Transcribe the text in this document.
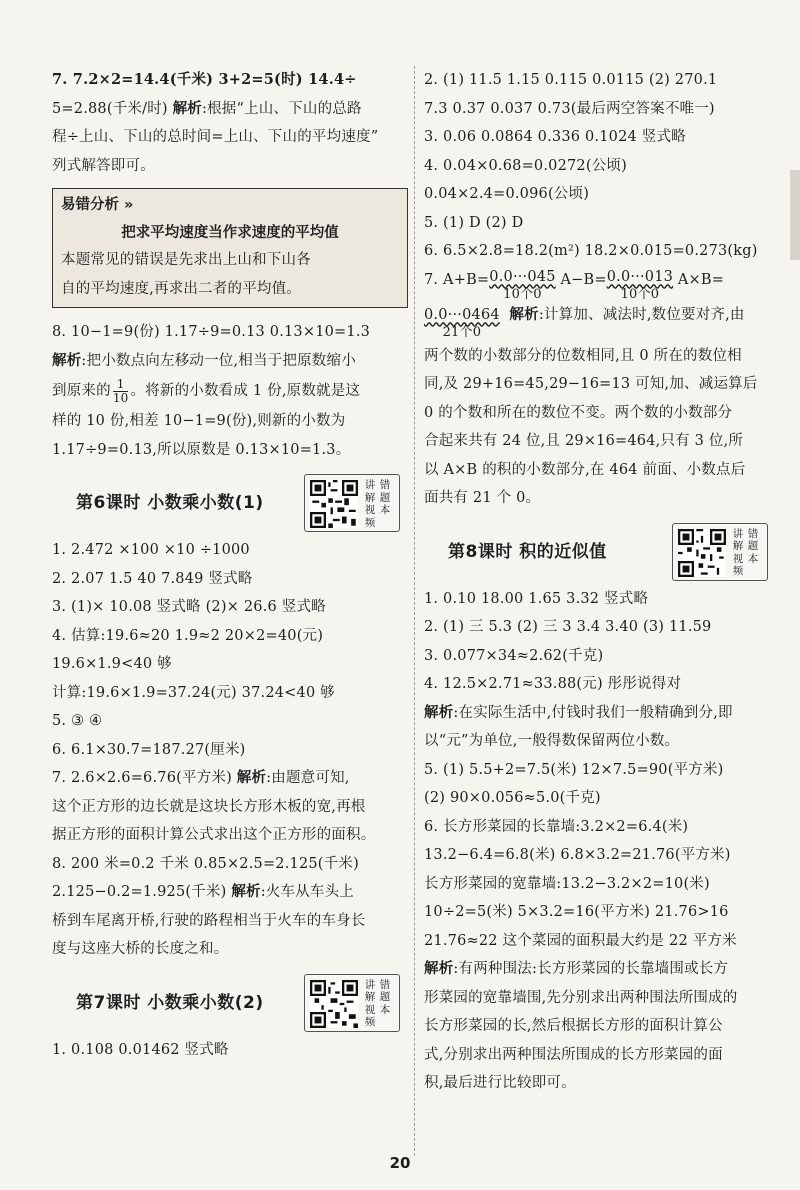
7. 7.2×2=14.4(千米) 3+2=5(时) 14.4÷
5=2.88(千米/时) 解析:根据“上山、下山的总路
程÷上山、下山的总时间=上山、下山的平均速度”
列式解答即可。
易错分析 »
把求平均速度当作求速度的平均值
本题常见的错误是先求出上山和下山各
自的平均速度,再求出二者的平均值。
8. 10−1=9(份) 1.17÷9=0.13 0.13×10=1.3
解析:把小数点向左移动一位,相当于把原数缩小
到原来的 $\frac{1}{10}$ 。将新的小数看成 1 份,原数就是这
样的 10 份,相差 10−1=9(份),则新的小数为
1.17÷9=0.13,所以原数是 0.13×10=1.3。
第6课时 小数乘小数(1)
讲
解
视
频
错
题
本
1. 2.472 ×100 ×10 ÷1000
2. 2.07 1.5 40 7.849 竖式略
3. (1)× 10.08 竖式略 (2)× 26.6 竖式略
4. 估算:19.6≈20 1.9≈2 20×2=40(元)
19.6×1.9<40 够
计算:19.6×1.9=37.24(元) 37.24<40 够
5. ③ ④
6. 6.1×30.7=187.27(厘米)
7. 2.6×2.6=6.76(平方米) 解析:由题意可知,
这个正方形的边长就是这块长方形木板的宽,再根
据正方形的面积计算公式求出这个正方形的面积。
8. 200 米=0.2 千米 0.85×2.5=2.125(千米)
2.125−0.2=1.925(千米) 解析:火车从车头上
桥到车尾离开桥,行驶的路程相当于火车的车身长
度与这座大桥的长度之和。
第7课时 小数乘小数(2)
讲
解
视
频
错
题
本
1. 0.108 0.01462 竖式略
2. (1) 11.5 1.15 0.115 0.0115 (2) 270.1
7.3 0.37 0.037 0.73(最后两空答案不唯一)
3. 0.06 0.0864 0.336 0.1024 竖式略
4. 0.04×0.68=0.0272(公顷)
0.04×2.4=0.096(公顷)
5. (1) D (2) D
6. 6.5×2.8=18.2(m²) 18.2×0.015=0.273(kg)
7. A+B= 0.0···045
10个0
A−B= 0.0···013
10个0
A×B=
0.0···0464
21个0
解析:计算加、减法时,数位要对齐,由
两个数的小数部分的位数相同,且 0 所在的数位相
同,及 29+16=45,29−16=13 可知,加、减运算后
0 的个数和所在的数位不变。两个数的小数部分
合起来共有 24 位,且 29×16=464,只有 3 位,所
以 A×B 的积的小数部分,在 464 前面、小数点后
面共有 21 个 0。
第8课时 积的近似值
讲
解
视
频
错
题
本
1. 0.10 18.00 1.65 3.32 竖式略
2. (1) 三 5.3 (2) 三 3 3.4 3.40 (3) 11.59
3. 0.077×34≈2.62(千克)
4. 12.5×2.71≈33.88(元) 彤彤说得对
解析:在实际生活中,付钱时我们一般精确到分,即
以“元”为单位,一般得数保留两位小数。
5. (1) 5.5+2=7.5(米) 12×7.5=90(平方米)
(2) 90×0.056≈5.0(千克)
6. 长方形菜园的长靠墙:3.2×2=6.4(米)
13.2−6.4=6.8(米) 6.8×3.2=21.76(平方米)
长方形菜园的宽靠墙:13.2−3.2×2=10(米)
10÷2=5(米) 5×3.2=16(平方米) 21.76>16
21.76≈22 这个菜园的面积最大约是 22 平方米
解析:有两种围法:长方形菜园的长靠墙围或长方
形菜园的宽靠墙围,先分别求出两种围法所围成的
长方形菜园的长,然后根据长方形的面积计算公
式,分别求出两种围法所围成的长方形菜园的面
积,最后进行比较即可。
20
